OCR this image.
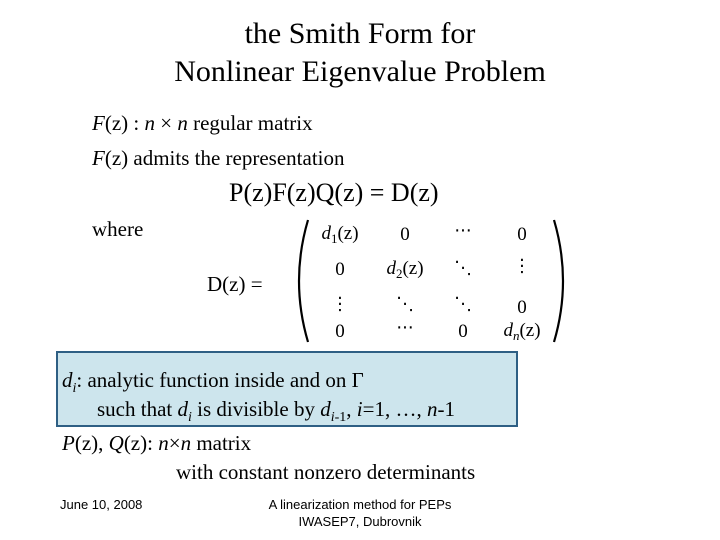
the Smith Form for
Nonlinear Eigenvalue Problem
F(z) : n × n regular matrix
F(z) admits the representation
P(z)F(z)Q(z) = D(z)
where
D(z) =
$d_1(z)$ 0 ··· 0
0 $d_2(z)$ ⋱ ⋮
⋮	⋱ ⋱ 0
0	··· 0 $d_n(z)$
$d_i$: analytic function inside and on Γ
such that $d_i$ is divisible by $d_{i-1}$, i=1, …, n-1
P(z), Q(z): n×n matrix
with constant nonzero determinants
June 10, 2008	A linearization method for PEPs
IWASEP7, Dubrovnik
